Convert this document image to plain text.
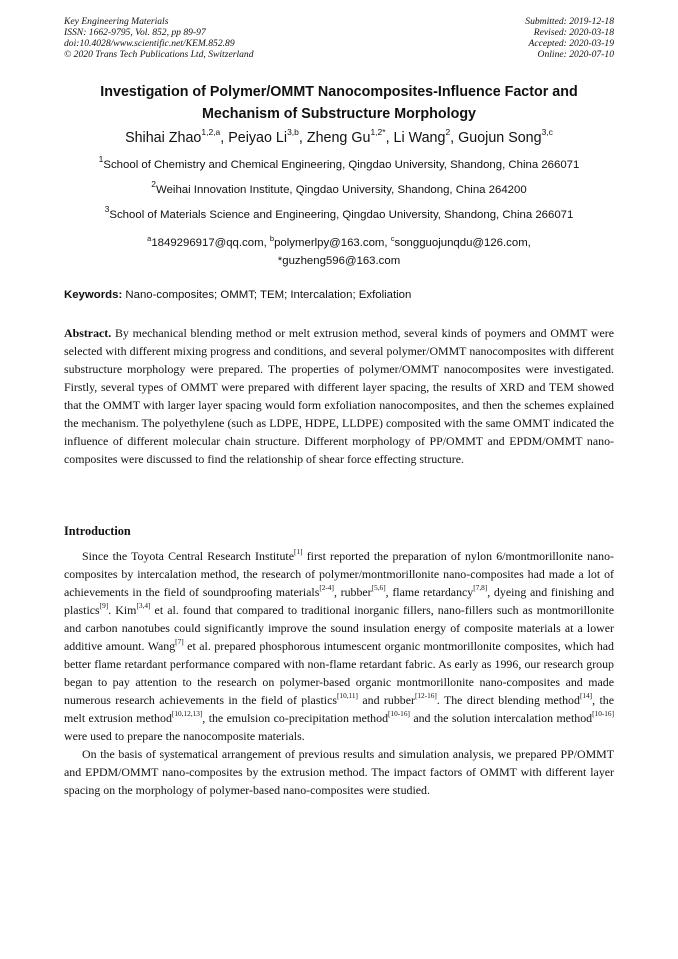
Key Engineering Materials
ISSN: 1662-9795, Vol. 852, pp 89-97
doi:10.4028/www.scientific.net/KEM.852.89
© 2020 Trans Tech Publications Ltd, Switzerland
Submitted: 2019-12-18
Revised: 2020-03-18
Accepted: 2020-03-19
Online: 2020-07-10
Investigation of Polymer/OMMT Nanocomposites-Influence Factor and
Mechanism of Substructure Morphology
Shihai Zhao$^{1,2,a}$, Peiyao Li$^{3,b}$, Zheng $Gu^{1,2*}$, Li Wang$^2$, Guojun Song$^{3,c}$
$^1$School of Chemistry and Chemical Engineering, Qingdao University, Shandong, China 266071
$^2$Weihai Innovation Institute, Qingdao University, Shandong, China 264200
$^3$School of Materials Science and Engineering, Qingdao University, Shandong, China 266071
$^a$1849296917@qq.com, $^b$polymerlpy@163.com, $^c$songguojunqdu@126.com,
*guzheng596@163.com
Keywords: Nano-composites; OMMT; TEM; Intercalation; Exfoliation
Abstract. By mechanical blending method or melt extrusion method, several kinds of poymers and OMMT were selected with different mixing progress and conditions, and several polymer/OMMT nanocomposites with different substructure morphology were prepared. The properties of polymer/OMMT nanocomposites were investigated. Firstly, several types of OMMT were prepared with different layer spacing, the results of XRD and TEM showed that the OMMT with larger layer spacing would form exfoliation nanocomposites, and then the schemes explained the mechanism. The polyethylene (such as LDPE, HDPE, LLDPE) composited with the same OMMT indicated the influence of different molecular chain structure. Different morphology of PP/OMMT and EPDM/OMMT nano-composites were discussed to find the relationship of shear force effecting structure.
Introduction

Since the Toyota Central Research Institute[1] first reported the preparation of nylon 6/montmorillonite nano-composites by intercalation method, the research of polymer/montmorillonite nano-composites had made a lot of achievements in the field of soundproofing materials[2-4], rubber[5,6], flame retardancy[7,8], dyeing and finishing and plastics[9]. Kim[3,4] et al. found that compared to traditional inorganic fillers, nano-fillers such as montmorillonite and carbon nanotubes could significantly improve the sound insulation energy of composite materials at a lower additive amount. Wang[7] et al. prepared phosphorous intumescent organic montmorillonite composites, which had better flame retardant performance compared with non-flame retardant fabric. As early as 1996, our research group began to pay attention to the research on polymer-based organic montmorillonite nano-composites and made numerous research achievements in the field of plastics[10,11] and rubber[12-16]. The direct blending method[14], the melt extrusion method[10,12,13], the emulsion co-precipitation method[10-16] and the solution intercalation method[10-16] were used to prepare the nanocomposite materials.

On the basis of systematical arrangement of previous results and simulation analysis, we prepared PP/OMMT and EPDM/OMMT nano-composites by the extrusion method. The impact factors of OMMT with different layer spacing on the morphology of polymer-based nano-composites were studied.
